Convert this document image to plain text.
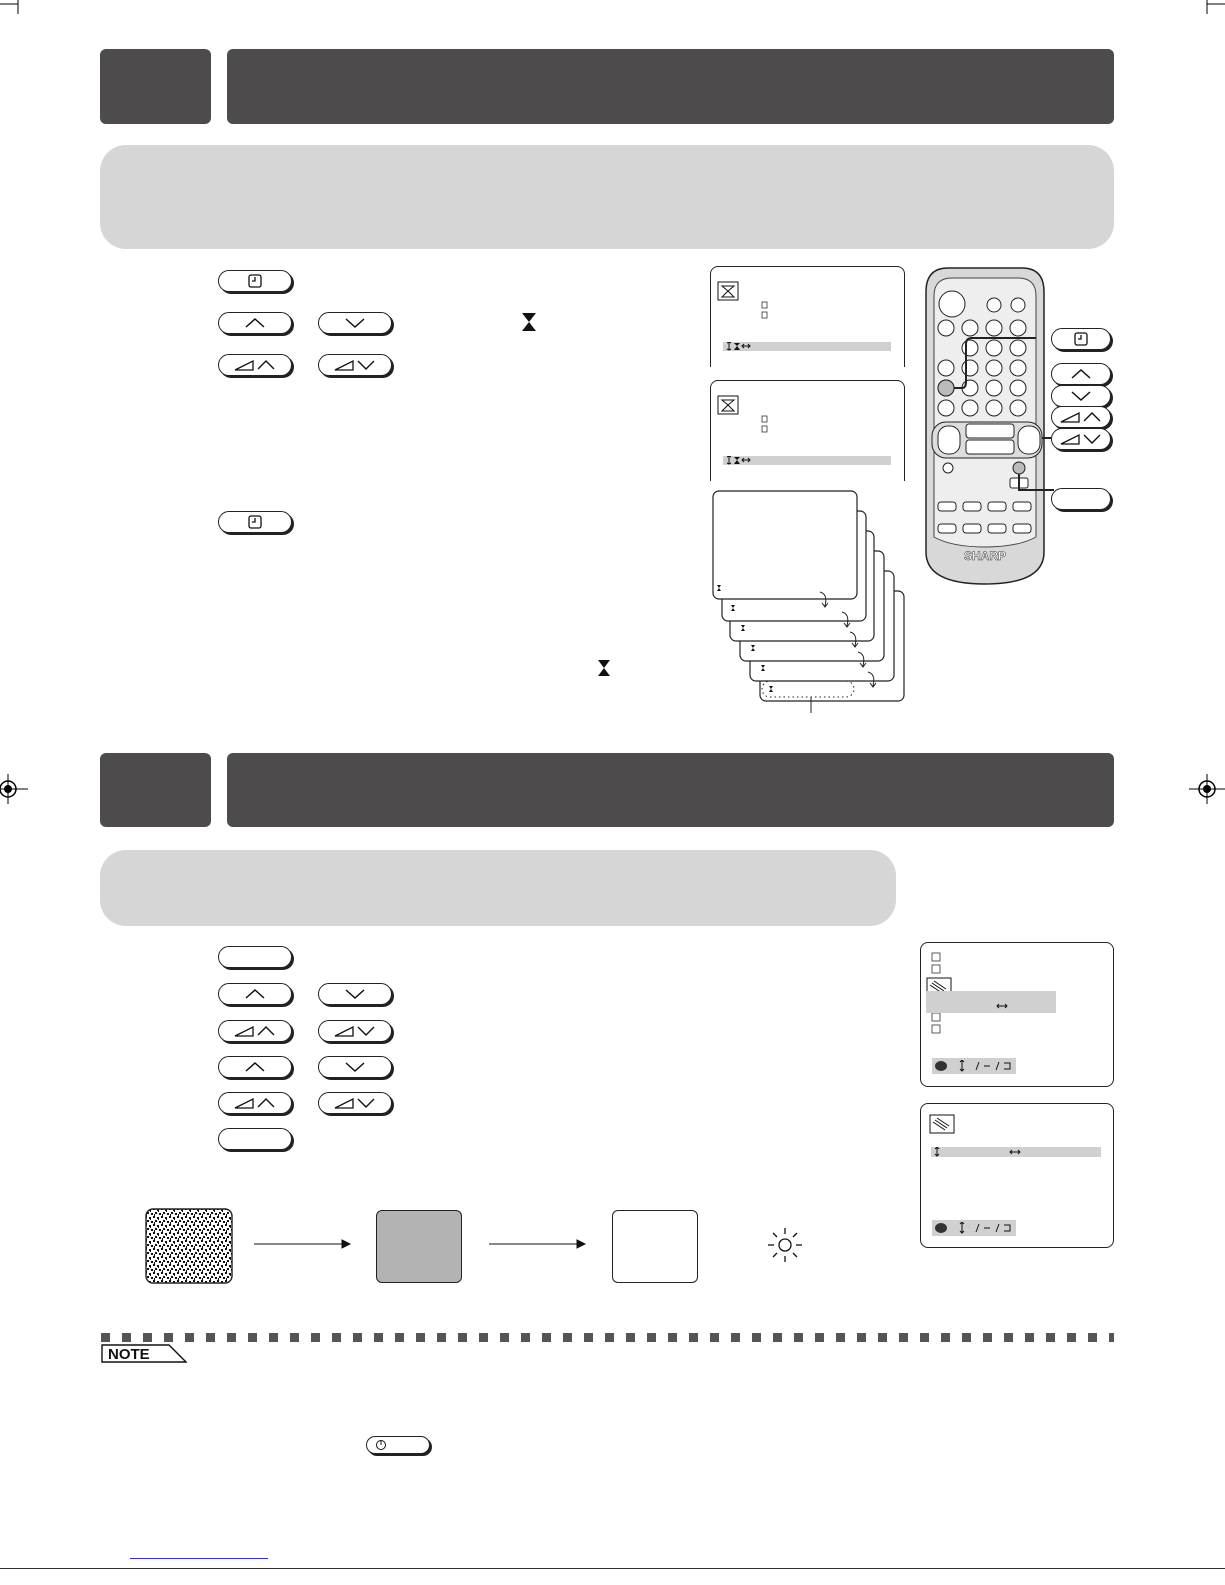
SHARP
NOTE
